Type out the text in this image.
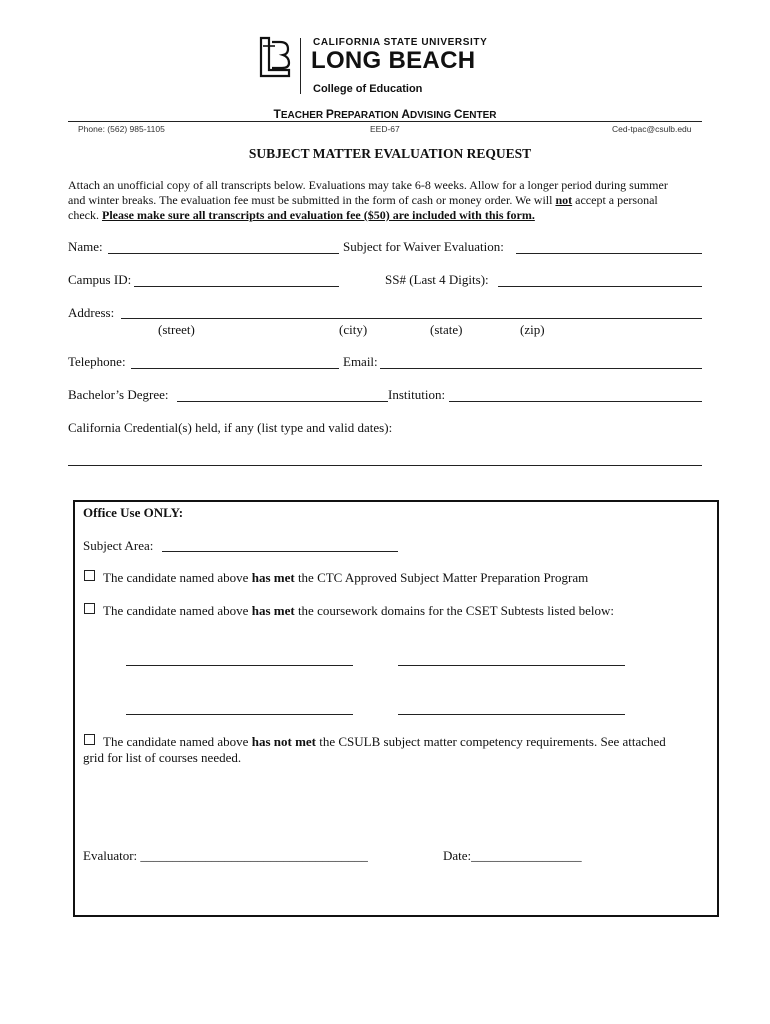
CALIFORNIA STATE UNIVERSITY
LONG BEACH
College of Education
TEACHER PREPARATION ADVISING CENTER
Phone: (562) 985-1105	EED-67	Ced-tpac@csulb.edu
SUBJECT MATTER EVALUATION REQUEST
Attach an unofficial copy of all transcripts below. Evaluations may take 6-8 weeks. Allow for a longer period during summer
and winter breaks. The evaluation fee must be submitted in the form of cash or money order. We will not accept a personal
check. Please make sure all transcripts and evaluation fee ($50) are included with this form.
Name:	Subject for Waiver Evaluation:
Campus ID:	SS# (Last 4 Digits):
Address:
(street)	(city)	(state)	(zip)
Telephone:	Email:
Bachelor’s Degree:	Institution:
California Credential(s) held, if any (list type and valid dates):
Office Use ONLY:
Subject Area:
The candidate named above has met the CTC Approved Subject Matter Preparation Program
The candidate named above has met the coursework domains for the CSET Subtests listed below:
The candidate named above has not met the CSULB subject matter competency requirements. See attached
grid for list of courses needed.
Evaluator: ___________________________________	Date:_________________
